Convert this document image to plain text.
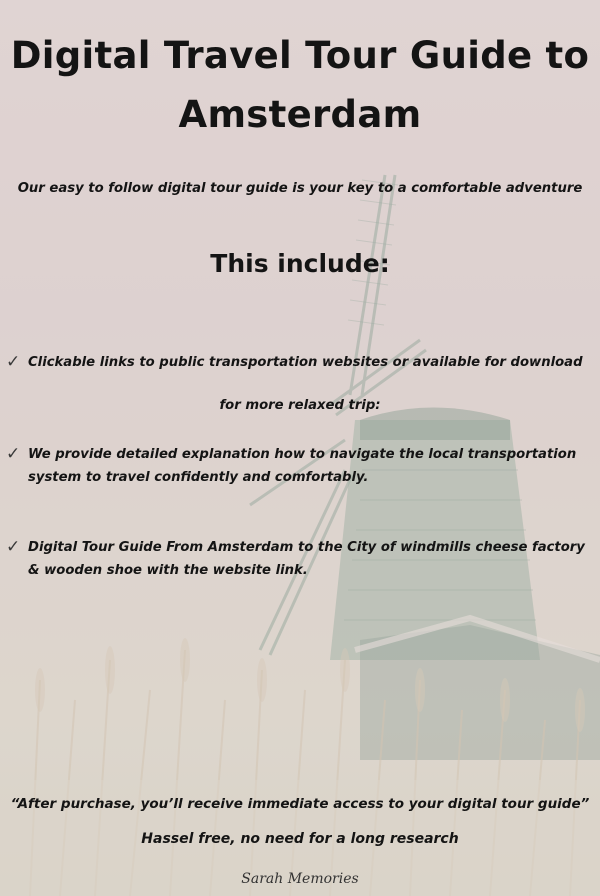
Digital Travel Tour Guide to
Amsterdam
Our easy to follow digital tour guide is your key to a comfortable adventure
This include:
✓ Clickable links to public transportation websites or available for download
for more relaxed trip:
✓ We provide detailed explanation how to navigate the local transportation system to travel confidently and comfortably.
✓ Digital Tour Guide From Amsterdam to the City of windmills cheese factory & wooden shoe with the website link.
“After purchase, you’ll receive immediate access to your digital tour guide”
Hassel free, no need for a long research
Sarah Memories
